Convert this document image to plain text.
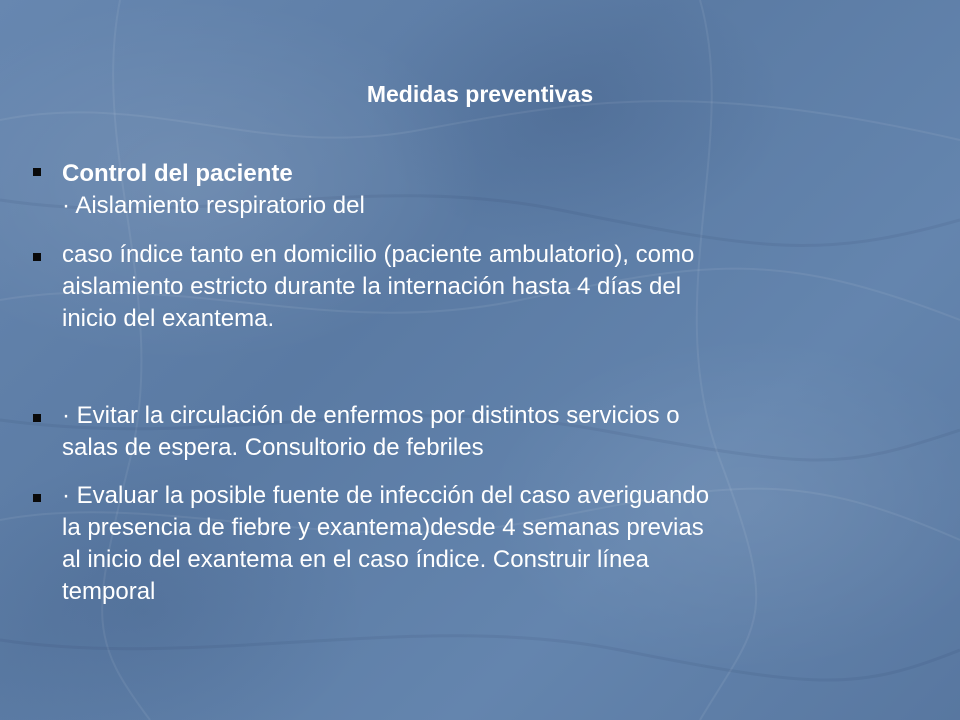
Medidas preventivas
Control del paciente
· Aislamiento respiratorio del
caso índice tanto en domicilio (paciente ambulatorio), como
aislamiento estricto durante la internación hasta 4 días del
inicio del exantema.
· Evitar la circulación de enfermos por distintos servicios o
salas de espera. Consultorio de febriles
· Evaluar la posible fuente de infección del caso averiguando
la presencia de fiebre y exantema)desde 4 semanas previas
al inicio del exantema en el caso índice. Construir línea
temporal
